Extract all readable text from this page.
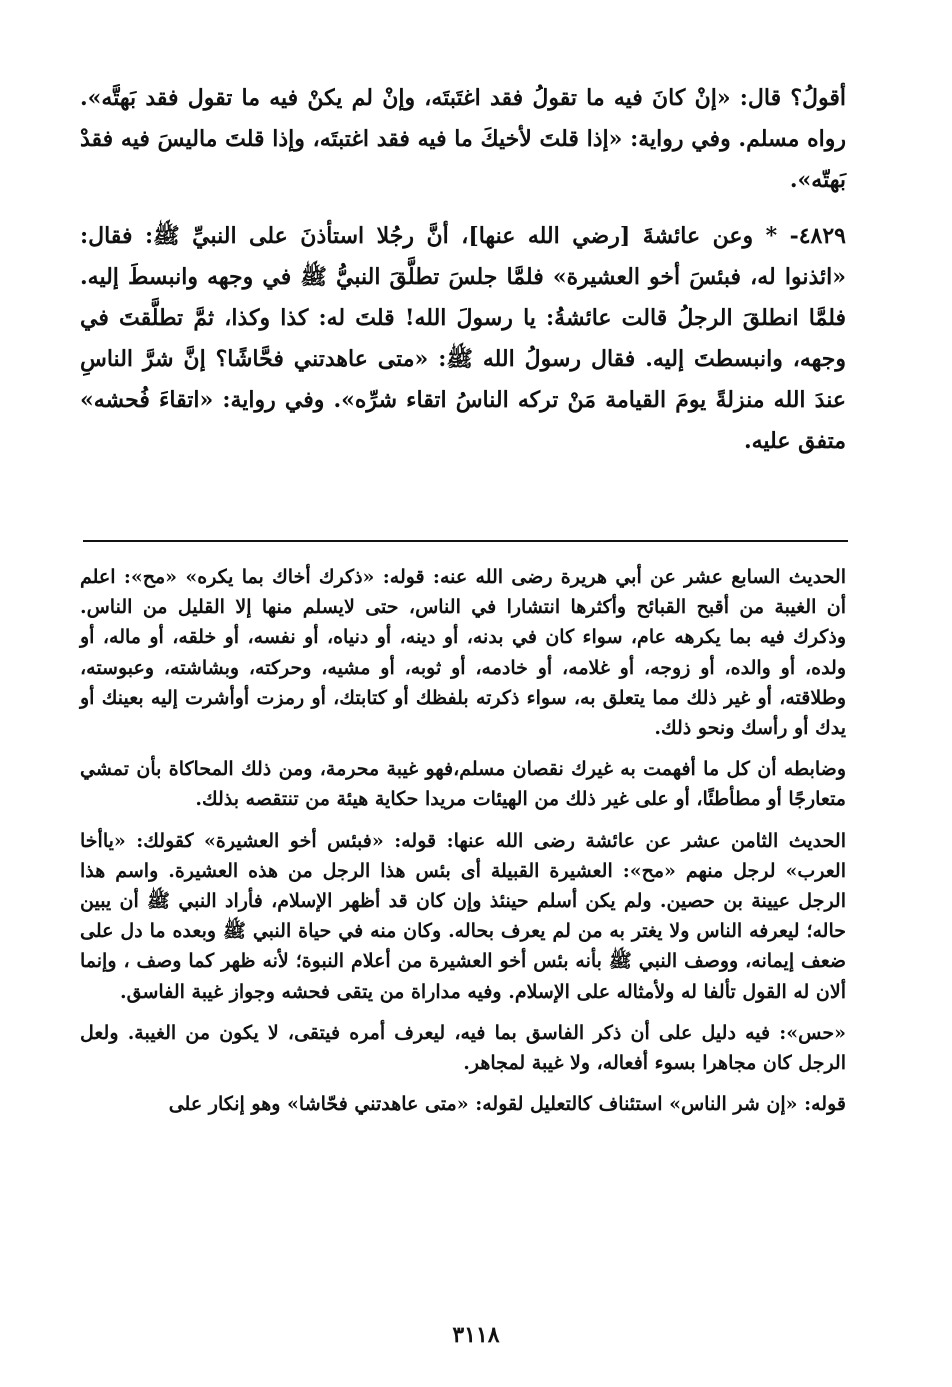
أقولُ؟ قال: «إنْ كانَ فيه ما تقولُ فقد اغتَبتَه، وإنْ لم يكنْ فيه ما تقول فقد بَهتَّه». رواه مسلم. وفي رواية: «إذا قلتَ لأخيكَ ما فيه فقد اغتبتَه، وإذا قلتَ ماليسَ فيه فقدْ بَهتّه».

٤٨٢٩- * وعن عائشةَ [رضي الله عنها]، أنَّ رجُلا استأذنَ على النبيِّ ﷺ: فقال: «ائذنوا له، فبئسَ أخو العشيرة» فلمَّا جلسَ تطلَّقَ النبيُّ ﷺ في وجهه وانبسطَ إليه. فلمَّا انطلقَ الرجلُ قالت عائشةُ: يا رسولَ الله! قلتَ له: كذا وكذا، ثمَّ تطلَّقتَ في وجهه، وانبسطتَ إليه. فقال رسولُ الله ﷺ: «متى عاهدتني فحَّاشًا؟ إنَّ شرَّ الناسِ عندَ الله منزلةً يومَ القيامة مَنْ تركه الناسُ اتقاء شرِّه». وفي رواية: «اتقاءَ فُحشه» متفق عليه.

الحديث السابع عشر عن أبي هريرة رضى الله عنه: قوله: «ذكرك أخاك بما يكره» «مح»: اعلم أن الغيبة من أقبح القبائح وأكثرها انتشارا في الناس، حتى لايسلم منها إلا القليل من الناس. وذكرك فيه بما يكرهه عام، سواء كان في بدنه، أو دينه، أو دنياه، أو نفسه، أو خلقه، أو ماله، أو ولده، أو والده، أو زوجه، أو غلامه، أو خادمه، أو ثوبه، أو مشيه، وحركته، وبشاشته، وعبوسته، وطلاقته، أو غير ذلك مما يتعلق به، سواء ذكرته بلفظك أو كتابتك، أو رمزت أوأشرت إليه بعينك أو يدك أو رأسك ونحو ذلك.

وضابطه أن كل ما أفهمت به غيرك نقصان مسلم،فهو غيبة محرمة، ومن ذلك المحاكاة بأن تمشي متعارجًا أو مطأطئًا، أو على غير ذلك من الهيئات مريدا حكاية هيئة من تنتقصه بذلك.

الحديث الثامن عشر عن عائشة رضى الله عنها: قوله: «فبئس أخو العشيرة» كقولك: «ياأخا العرب» لرجل منهم «مح»: العشيرة القبيلة أى بئس هذا الرجل من هذه العشيرة. واسم هذا الرجل عيينة بن حصين. ولم يكن أسلم حينئذ وإن كان قد أظهر الإسلام، فأراد النبي ﷺ أن يبين حاله؛ ليعرفه الناس ولا يغتر به من لم يعرف بحاله. وكان منه في حياة النبي ﷺ وبعده ما دل على ضعف إيمانه، ووصف النبي ﷺ بأنه بئس أخو العشيرة من أعلام النبوة؛ لأنه ظهر كما وصف ، وإنما ألان له القول تألفا له ولأمثاله على الإسلام. وفيه مداراة من يتقى فحشه وجواز غيبة الفاسق.

«حس»: فيه دليل على أن ذكر الفاسق بما فيه، ليعرف أمره فيتقى، لا يكون من الغيبة. ولعل الرجل كان مجاهرا بسوء أفعاله، ولا غيبة لمجاهر.

قوله: «إن شر الناس» استئناف كالتعليل لقوله: «متى عاهدتني فحّاشا» وهو إنكار على

٣١١٨
